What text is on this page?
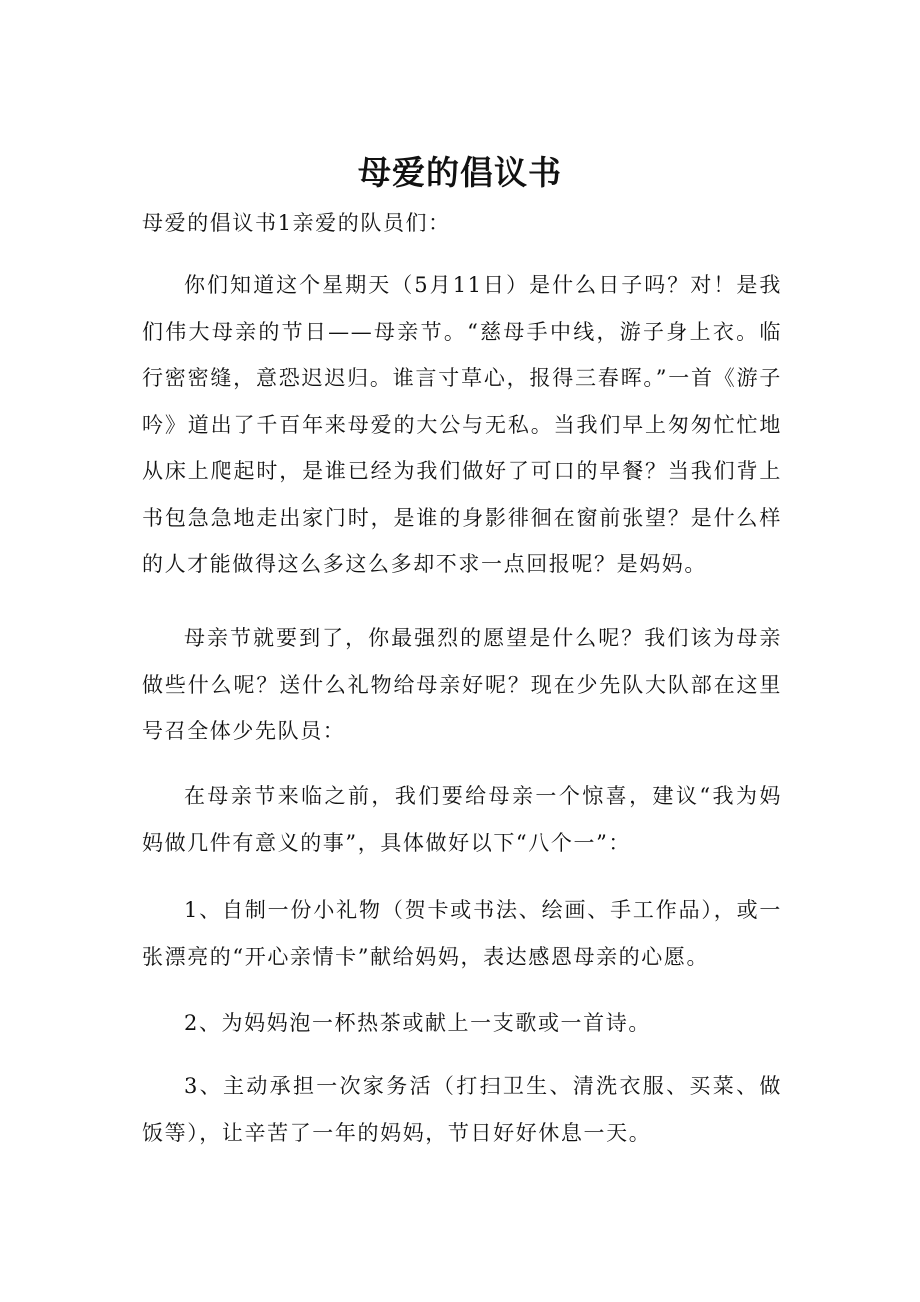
母爱的倡议书

母爱的倡议书1亲爱的队员们：

你们知道这个星期天（5月11日）是什么日子吗？对！是我们伟大母亲的节日——母亲节。“慈母手中线，游子身上衣。临行密密缝，意恐迟迟归。谁言寸草心，报得三春晖。”一首《游子吟》道出了千百年来母爱的大公与无私。当我们早上匆匆忙忙地从床上爬起时，是谁已经为我们做好了可口的早餐？当我们背上书包急急地走出家门时，是谁的身影徘徊在窗前张望？是什么样的人才能做得这么多这么多却不求一点回报呢？是妈妈。

母亲节就要到了，你最强烈的愿望是什么呢？我们该为母亲做些什么呢？送什么礼物给母亲好呢？现在少先队大队部在这里号召全体少先队员：

在母亲节来临之前，我们要给母亲一个惊喜，建议“我为妈妈做几件有意义的事”，具体做好以下“八个一”：

1、自制一份小礼物（贺卡或书法、绘画、手工作品），或一张漂亮的“开心亲情卡”献给妈妈，表达感恩母亲的心愿。

2、为妈妈泡一杯热茶或献上一支歌或一首诗。

3、主动承担一次家务活（打扫卫生、清洗衣服、买菜、做饭等），让辛苦了一年的妈妈，节日好好休息一天。
